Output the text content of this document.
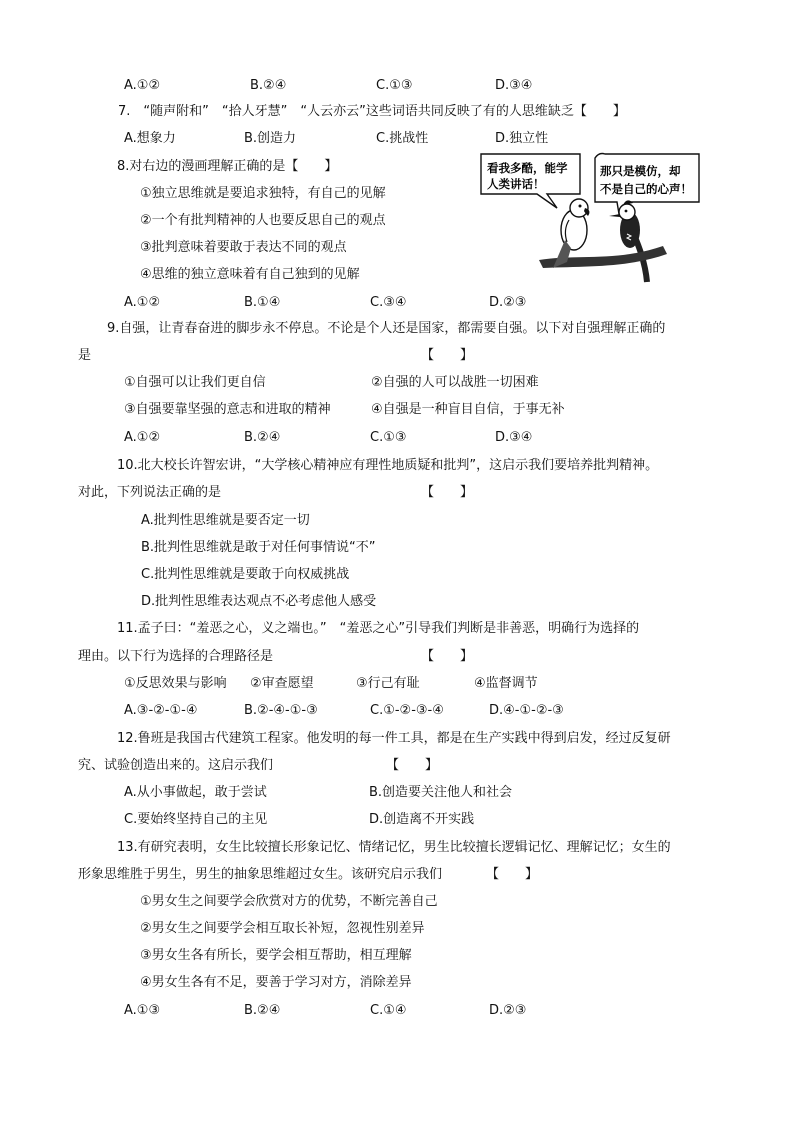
A.①②	B.②④	C.①③	D.③④
7.　“随声附和”　“拾人牙慧”　“人云亦云”这些词语共同反映了有的人思维缺乏【　　】
A.想象力	B.创造力	C.挑战性	D.独立性
8.对右边的漫画理解正确的是【　　】
①独立思维就是要追求独特，有自己的见解
②一个有批判精神的人也要反思自己的观点
③批判意味着要敢于表达不同的观点
④思维的独立意味着有自己独到的见解
A.①②	B.①④	C.③④	D.②③
看我多酷，能学
人类讲话！
那只是模仿，却
不是自己的心声！
9.自强，让青春奋进的脚步永不停息。不论是个人还是国家，都需要自强。以下对自强理解正确的
是	【　　】
①自强可以让我们更自信	②自强的人可以战胜一切困难
③自强要靠坚强的意志和进取的精神	④自强是一种盲目自信，于事无补
A.①②	B.②④	C.①③	D.③④
10.北大校长许智宏讲，“大学核心精神应有理性地质疑和批判”，这启示我们要培养批判精神。
对此，下列说法正确的是	【　　】
A.批判性思维就是要否定一切
B.批判性思维就是敢于对任何事情说“不”
C.批判性思维就是要敢于向权威挑战
D.批判性思维表达观点不必考虑他人感受
11.孟子曰：“羞恶之心，义之端也。”　“羞恶之心”引导我们判断是非善恶，明确行为选择的
理由。以下行为选择的合理路径是	【　　】
①反思效果与影响 ②审查愿望	③行己有耻	④监督调节
A.③-②-①-④	B.②-④-①-③	C.①-②-③-④	D.④-①-②-③
12.鲁班是我国古代建筑工程家。他发明的每一件工具，都是在生产实践中得到启发，经过反复研
究、试验创造出来的。这启示我们	【　　】
A.从小事做起，敢于尝试	B.创造要关注他人和社会
C.要始终坚持自己的主见	D.创造离不开实践
13.有研究表明，女生比较擅长形象记忆、情绪记忆，男生比较擅长逻辑记忆、理解记忆；女生的
形象思维胜于男生，男生的抽象思维超过女生。该研究启示我们	【　　】
①男女生之间要学会欣赏对方的优势，不断完善自己
②男女生之间要学会相互取长补短，忽视性别差异
③男女生各有所长，要学会相互帮助，相互理解
④男女生各有不足，要善于学习对方，消除差异
A.①③	B.②④	C.①④	D.②③
